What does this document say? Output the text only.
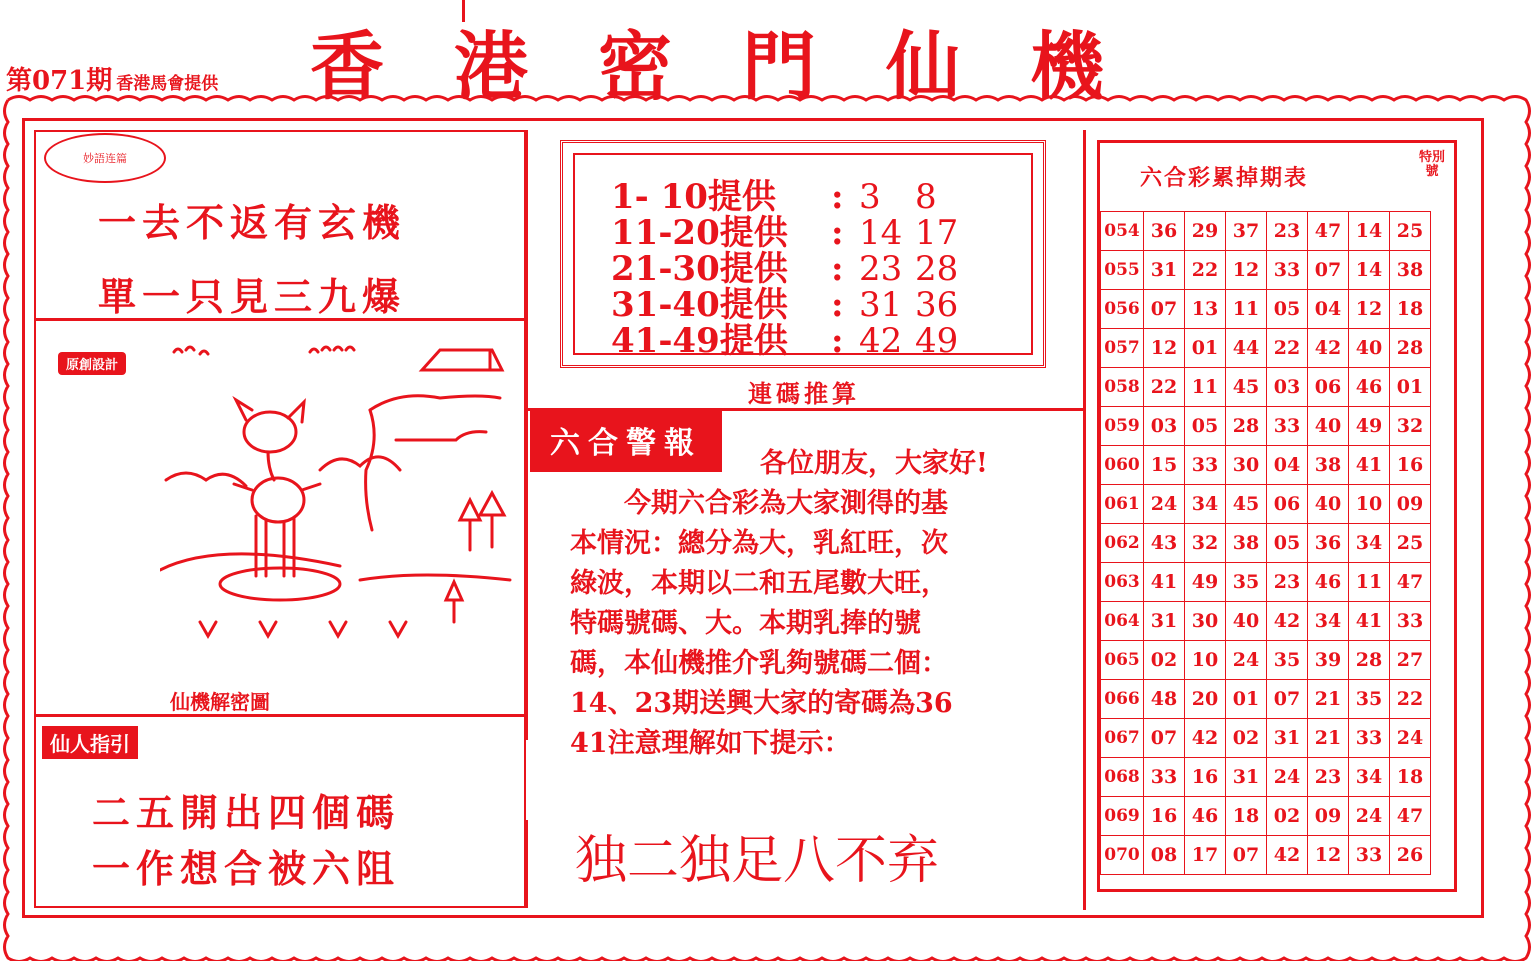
第071期 香港馬會提供 香港密門仙機
妙語连篇
一去不返有玄機
單一只見三九爆
原創設計
仙機解密圖
仙人指引
二五開出四個碼
一作想合被六阻
1- 10提供 : 3 8
11-20提供 : 14 17
21-30提供 : 23 28
31-40提供 : 31 36
41-49提供 : 42 49
連碼推算
六合警報

各位朋友，大家好!

今期六合彩為大家測得的基

本情況：總分為大，乳紅旺，次

綠波，本期以二和五尾數大旺，

特碼號碼、大。本期乳捧的號

碼，本仙機推介乳夠號碼二個：

14、23期送興大家的寄碼為36

41注意理解如下提示：

独二独足八不弃
六合彩累掉期表
特別號
054	36	29	37	23	47	14	25
055	31	22	12	33	07	14	38
056	07	13	11	05	04	12	18
057	12	01	44	22	42	40	28
058	22	11	45	03	06	46	01
059	03	05	28	33	40	49	32
060	15	33	30	04	38	41	16
061	24	34	45	06	40	10	09
062	43	32	38	05	36	34	25
063	41	49	35	23	46	11	47
064	31	30	40	42	34	41	33
065	02	10	24	35	39	28	27
066	48	20	01	07	21	35	22
067	07	42	02	31	21	33	24
068	33	16	31	24	23	34	18
069	16	46	18	02	09	24	47
070	08	17	07	42	12	33	26
